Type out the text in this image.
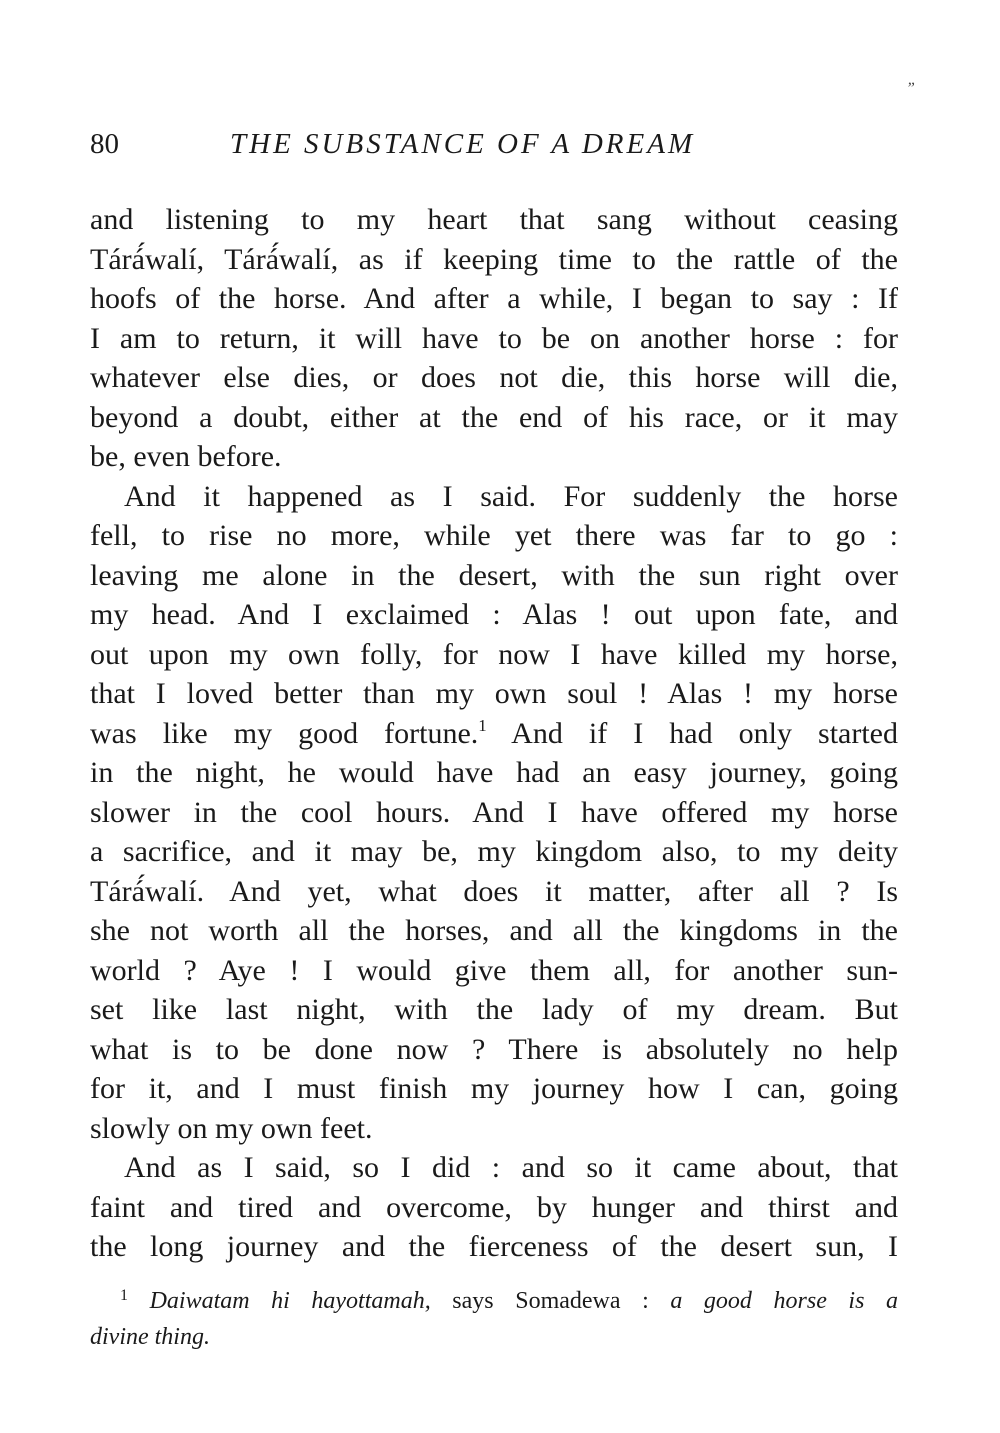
”
80	THE SUBSTANCE OF A DREAM

and listening to my heart that sang without ceasing
Tárá́walí, Tárá́walí, as if keeping time to the rattle of the
hoofs of the horse. And after a while, I began to say : If
I am to return, it will have to be on another horse : for
whatever else dies, or does not die, this horse will die,
beyond a doubt, either at the end of his race, or it may
be, even before.

And it happened as I said. For suddenly the horse
fell, to rise no more, while yet there was far to go :
leaving me alone in the desert, with the sun right over
my head. And I exclaimed : Alas ! out upon fate, and
out upon my own folly, for now I have killed my horse,
that I loved better than my own soul ! Alas ! my horse
was like my good fortune.$^1$ And if I had only started
in the night, he would have had an easy journey, going
slower in the cool hours. And I have offered my horse
a sacrifice, and it may be, my kingdom also, to my deity
Tárá́walí. And yet, what does it matter, after all ? Is
she not worth all the horses, and all the kingdoms in the
world ? Aye ! I would give them all, for another sun-
set like last night, with the lady of my dream. But
what is to be done now ? There is absolutely no help
for it, and I must finish my journey how I can, going
slowly on my own feet.

And as I said, so I did : and so it came about, that
faint and tired and overcome, by hunger and thirst and
the long journey and the fierceness of the desert sun, I

$^1$ Daiwatam hi hayottamah, says Somadewa : a good horse is a
divine thing.
